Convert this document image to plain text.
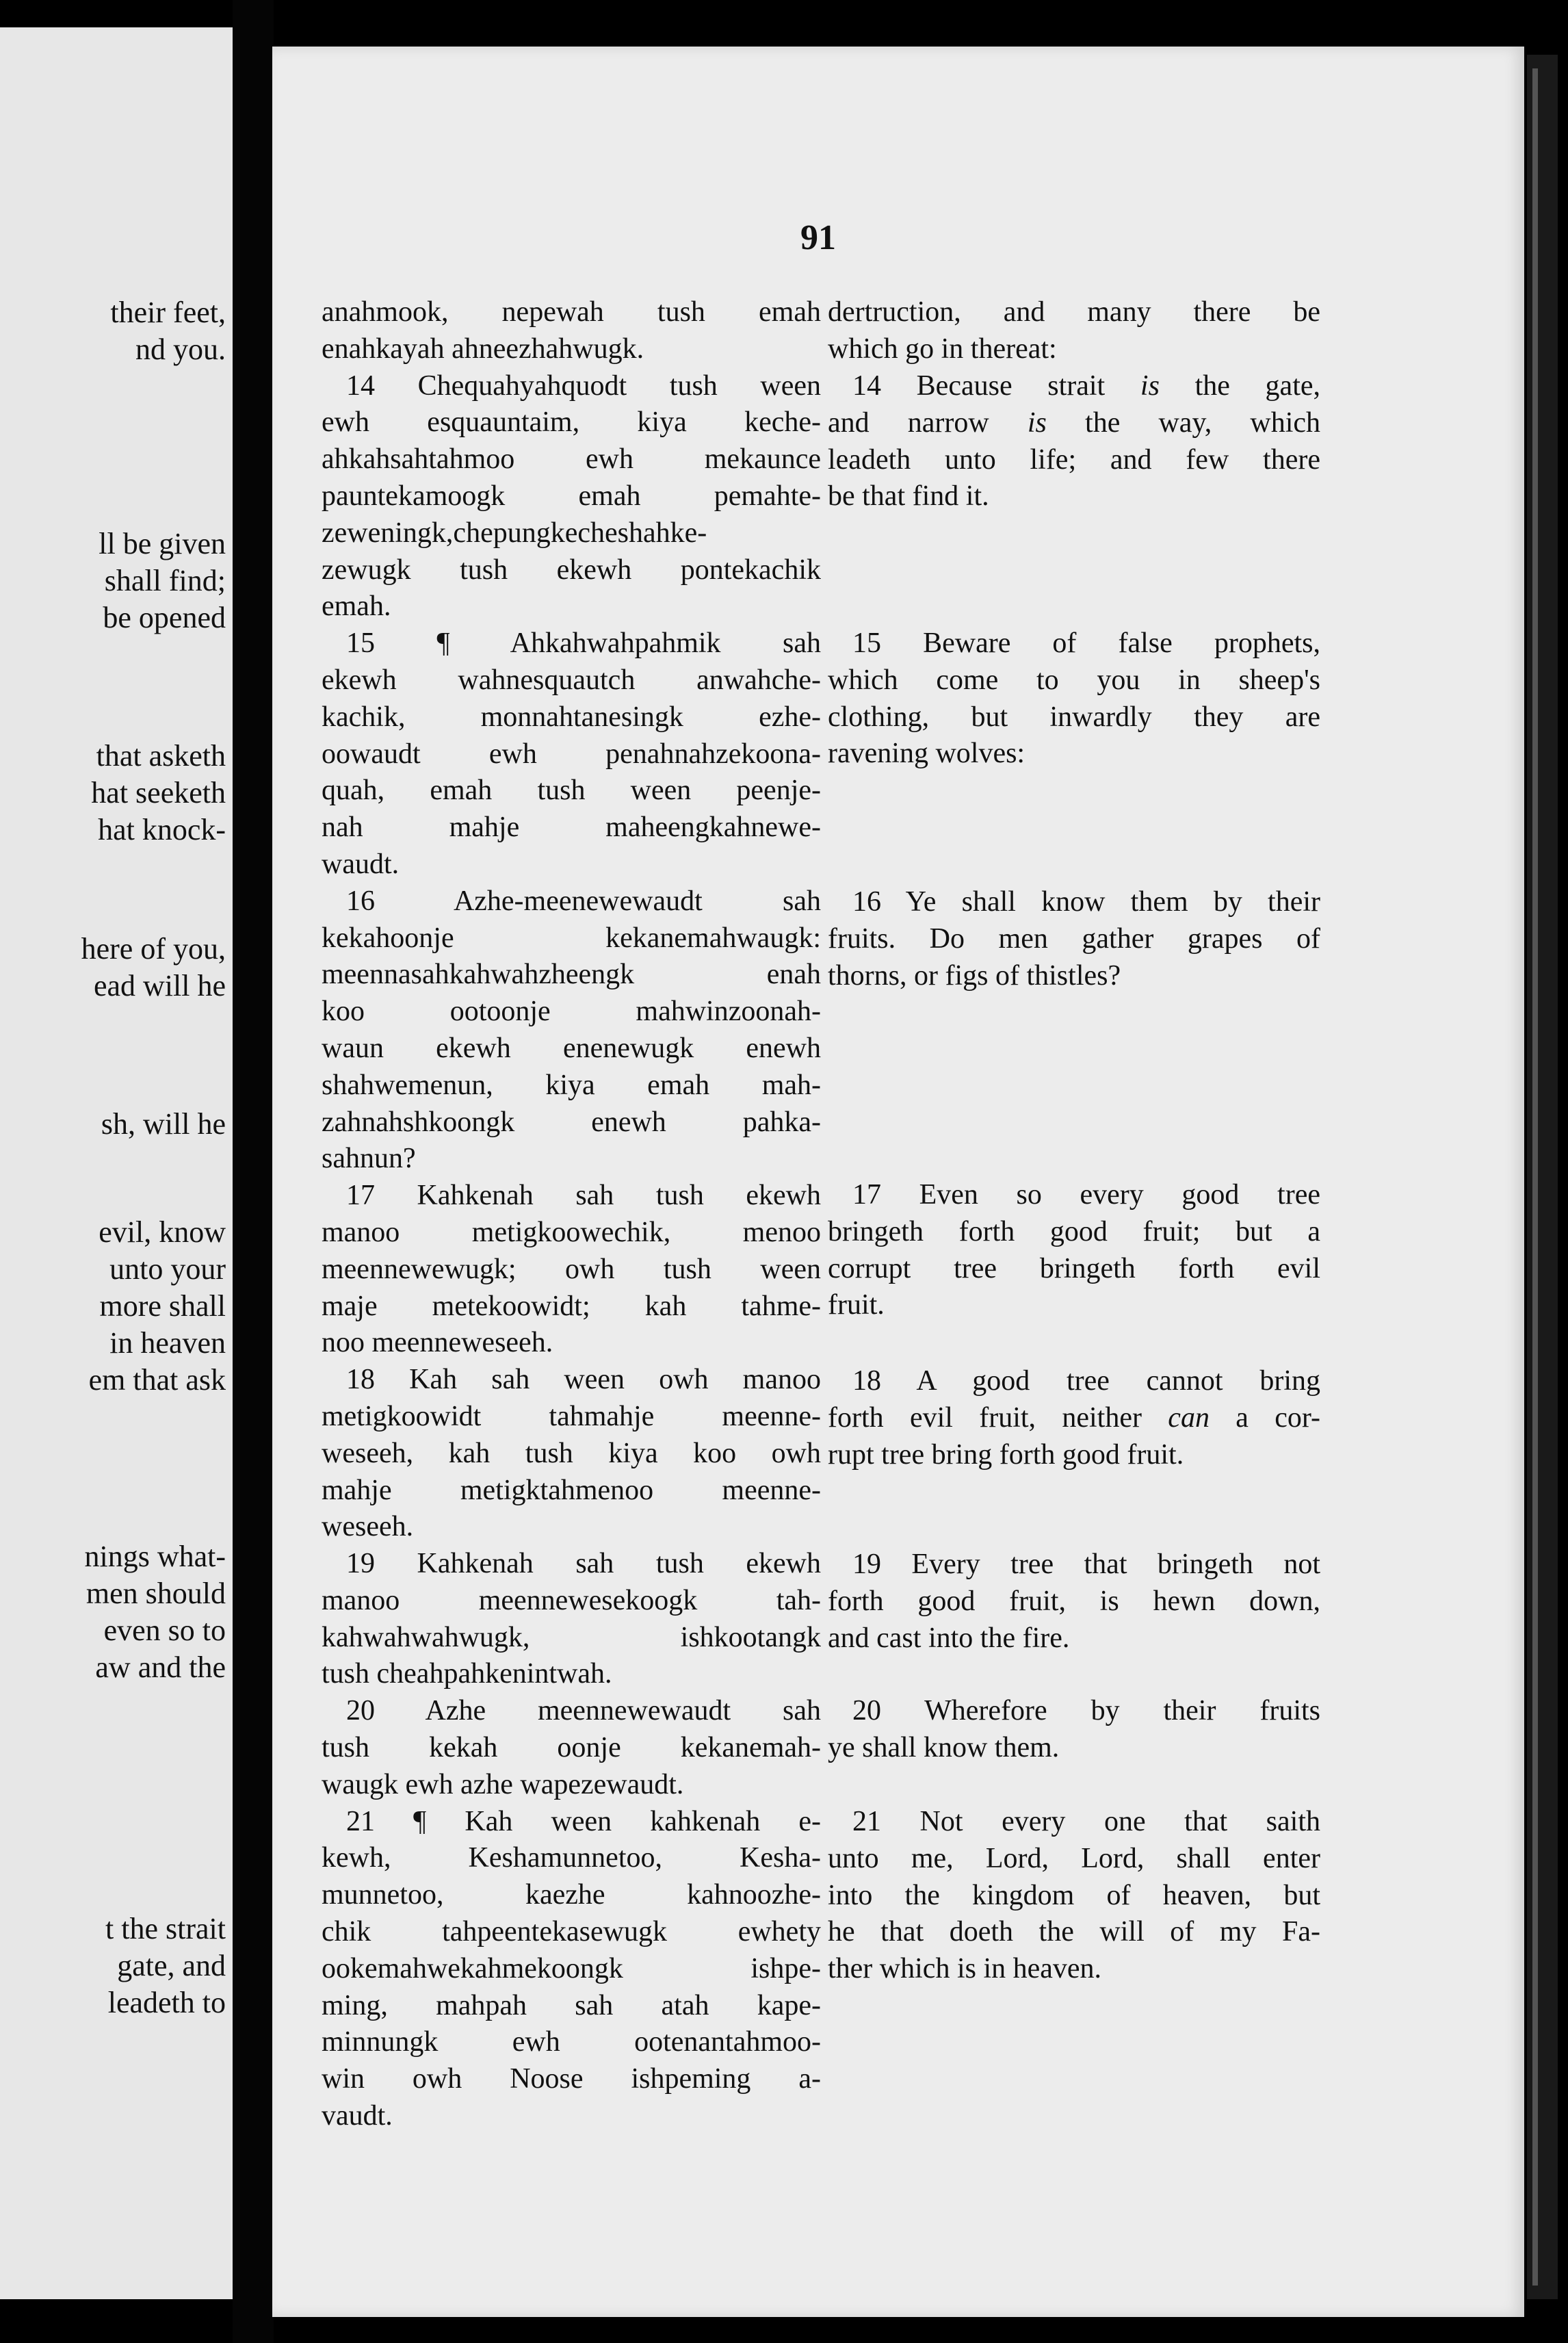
their feet,
nd you.
ll be given
shall find;
be opened
that asketh
hat seeketh
hat knock-
here of you,
ead will he
sh, will he
evil, know
unto your
more shall
in heaven
em that ask
nings what-
men should
even so to
aw and the
t the strait
gate, and
leadeth to
91
anahmook, nepewah tush emah
enahkayah ahneezhahwugk.
14 Chequahyahquodt tush ween
ewh esquauntaim, kiya keche-
ahkahsahtahmoo ewh mekaunce
pauntekamoogk emah pemahte-
zeweningk,chepungkecheshahke-
zewugk tush ekewh pontekachik
emah.
15 ¶ Ahkahwahpahmik sah
ekewh wahnesquautch anwahche-
kachik, monnahtanesingk ezhe-
oowaudt ewh penahnahzekoona-
quah, emah tush ween peenje-
nah mahje maheengkahnewe-
waudt.
16 Azhe-meenewewaudt sah
kekahoonje kekanemahwaugk:
meennasahkahwahzheengk enah
koo ootoonje mahwinzoonah-
waun ekewh enenewugk enewh
shahwemenun, kiya emah mah-
zahnahshkoongk enewh pahka-
sahnun?
17 Kahkenah sah tush ekewh
manoo metigkoowechik, menoo
meennewewugk; owh tush ween
maje metekoowidt; kah tahme-
noo meenneweseeh.
18 Kah sah ween owh manoo
metigkoowidt tahmahje meenne-
weseeh, kah tush kiya koo owh
mahje metigktahmenoo meenne-
weseeh.
19 Kahkenah sah tush ekewh
manoo meennewesekoogk tah-
kahwahwahwugk, ishkootangk
tush cheahpahkenintwah.
20 Azhe meennewewaudt sah
tush kekah oonje kekanemah-
waugk ewh azhe wapezewaudt.
21 ¶ Kah ween kahkenah e-
kewh, Keshamunnetoo, Kesha-
munnetoo, kaezhe kahnoozhe-
chik tahpeentekasewugk ewhety
ookemahwekahmekoongk ishpe-
ming, mahpah sah atah kape-
minnungk ewh ootenantahmoo-
win owh Noose ishpeming a-
vaudt.
dertruction, and many there be
which go in thereat:
14 Because strait is the gate,
and narrow is the way, which
leadeth unto life; and few there
be that find it.
15 Beware of false prophets,
which come to you in sheep's
clothing, but inwardly they are
ravening wolves:
16 Ye shall know them by their
fruits. Do men gather grapes of
thorns, or figs of thistles?
17 Even so every good tree
bringeth forth good fruit; but a
corrupt tree bringeth forth evil
fruit.
18 A good tree cannot bring
forth evil fruit, neither can a cor-
rupt tree bring forth good fruit.
19 Every tree that bringeth not
forth good fruit, is hewn down,
and cast into the fire.
20 Wherefore by their fruits
ye shall know them.
21 Not every one that saith
unto me, Lord, Lord, shall enter
into the kingdom of heaven, but
he that doeth the will of my Fa-
ther which is in heaven.
